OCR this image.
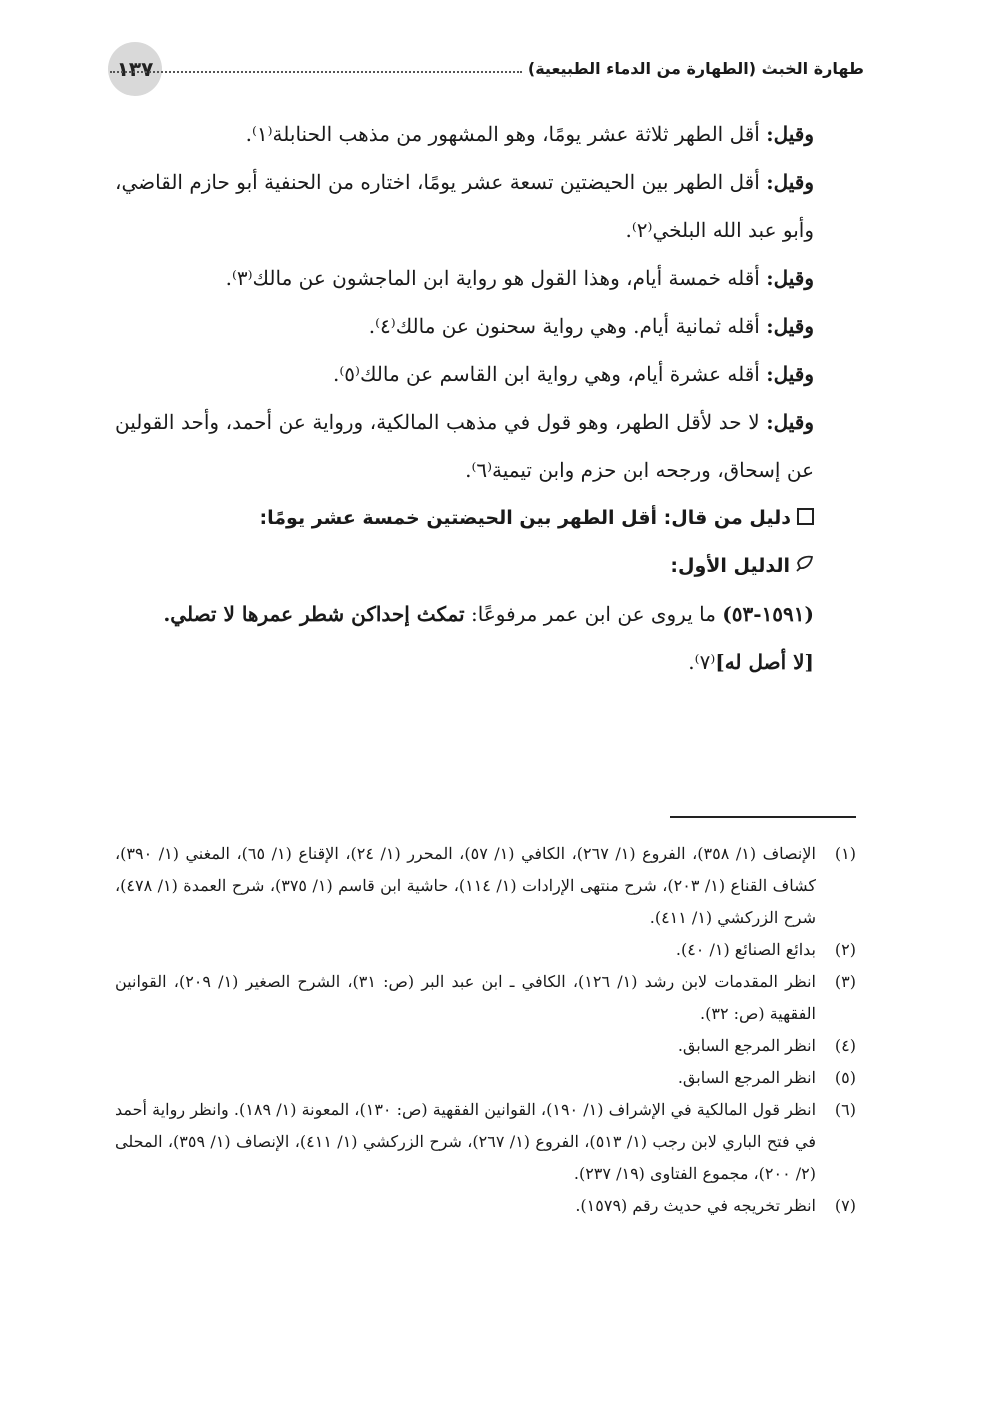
١٣٧	طهارة الخبث (الطهارة من الدماء الطبيعية)

وقيل: أقل الطهر ثلاثة عشر يومًا، وهو المشهور من مذهب الحنابلة⁽١⁾.

وقيل: أقل الطهر بين الحيضتين تسعة عشر يومًا، اختاره من الحنفية أبو حازم القاضي، وأبو عبد الله البلخي⁽٢⁾.

وقيل: أقله خمسة أيام، وهذا القول هو رواية ابن الماجشون عن مالك⁽٣⁾.

وقيل: أقله ثمانية أيام. وهي رواية سحنون عن مالك⁽٤⁾.

وقيل: أقله عشرة أيام، وهي رواية ابن القاسم عن مالك⁽٥⁾.

وقيل: لا حد لأقل الطهر، وهو قول في مذهب المالكية، ورواية عن أحمد، وأحد القولين عن إسحاق، ورجحه ابن حزم وابن تيمية⁽٦⁾.

دليل من قال: أقل الطهر بين الحيضتين خمسة عشر يومًا:

الدليل الأول:

(١٥٩١-٥٣) ما يروى عن ابن عمر مرفوعًا: تمكث إحداكن شطر عمرها لا تصلي.

[لا أصل له]⁽٧⁾.

(١)
الإنصاف (١/ ٣٥٨)، الفروع (١/ ٢٦٧)، الكافي (١/ ٥٧)، المحرر (١/ ٢٤)، الإقناع (١/ ٦٥)، المغني (١/ ٣٩٠)، كشاف القناع (١/ ٢٠٣)، شرح منتهى الإرادات (١/ ١١٤)، حاشية ابن قاسم (١/ ٣٧٥)، شرح العمدة (١/ ٤٧٨)، شرح الزركشي (١/ ٤١١).

(٢)
بدائع الصنائع (١/ ٤٠).

(٣)
انظر المقدمات لابن رشد (١/ ١٢٦)، الكافي ـ ابن عبد البر (ص: ٣١)، الشرح الصغير (١/ ٢٠٩)، القوانين الفقهية (ص: ٣٢).

(٤)
انظر المرجع السابق.

(٥)
انظر المرجع السابق.

(٦)
انظر قول المالكية في الإشراف (١/ ١٩٠)، القوانين الفقهية (ص: ١٣٠)، المعونة (١/ ١٨٩). وانظر رواية أحمد في فتح الباري لابن رجب (١/ ٥١٣)، الفروع (١/ ٢٦٧)، شرح الزركشي (١/ ٤١١)، الإنصاف (١/ ٣٥٩)، المحلى (٢/ ٢٠٠)، مجموع الفتاوى (١٩/ ٢٣٧).

(٧)
انظر تخريجه في حديث رقم (١٥٧٩).
